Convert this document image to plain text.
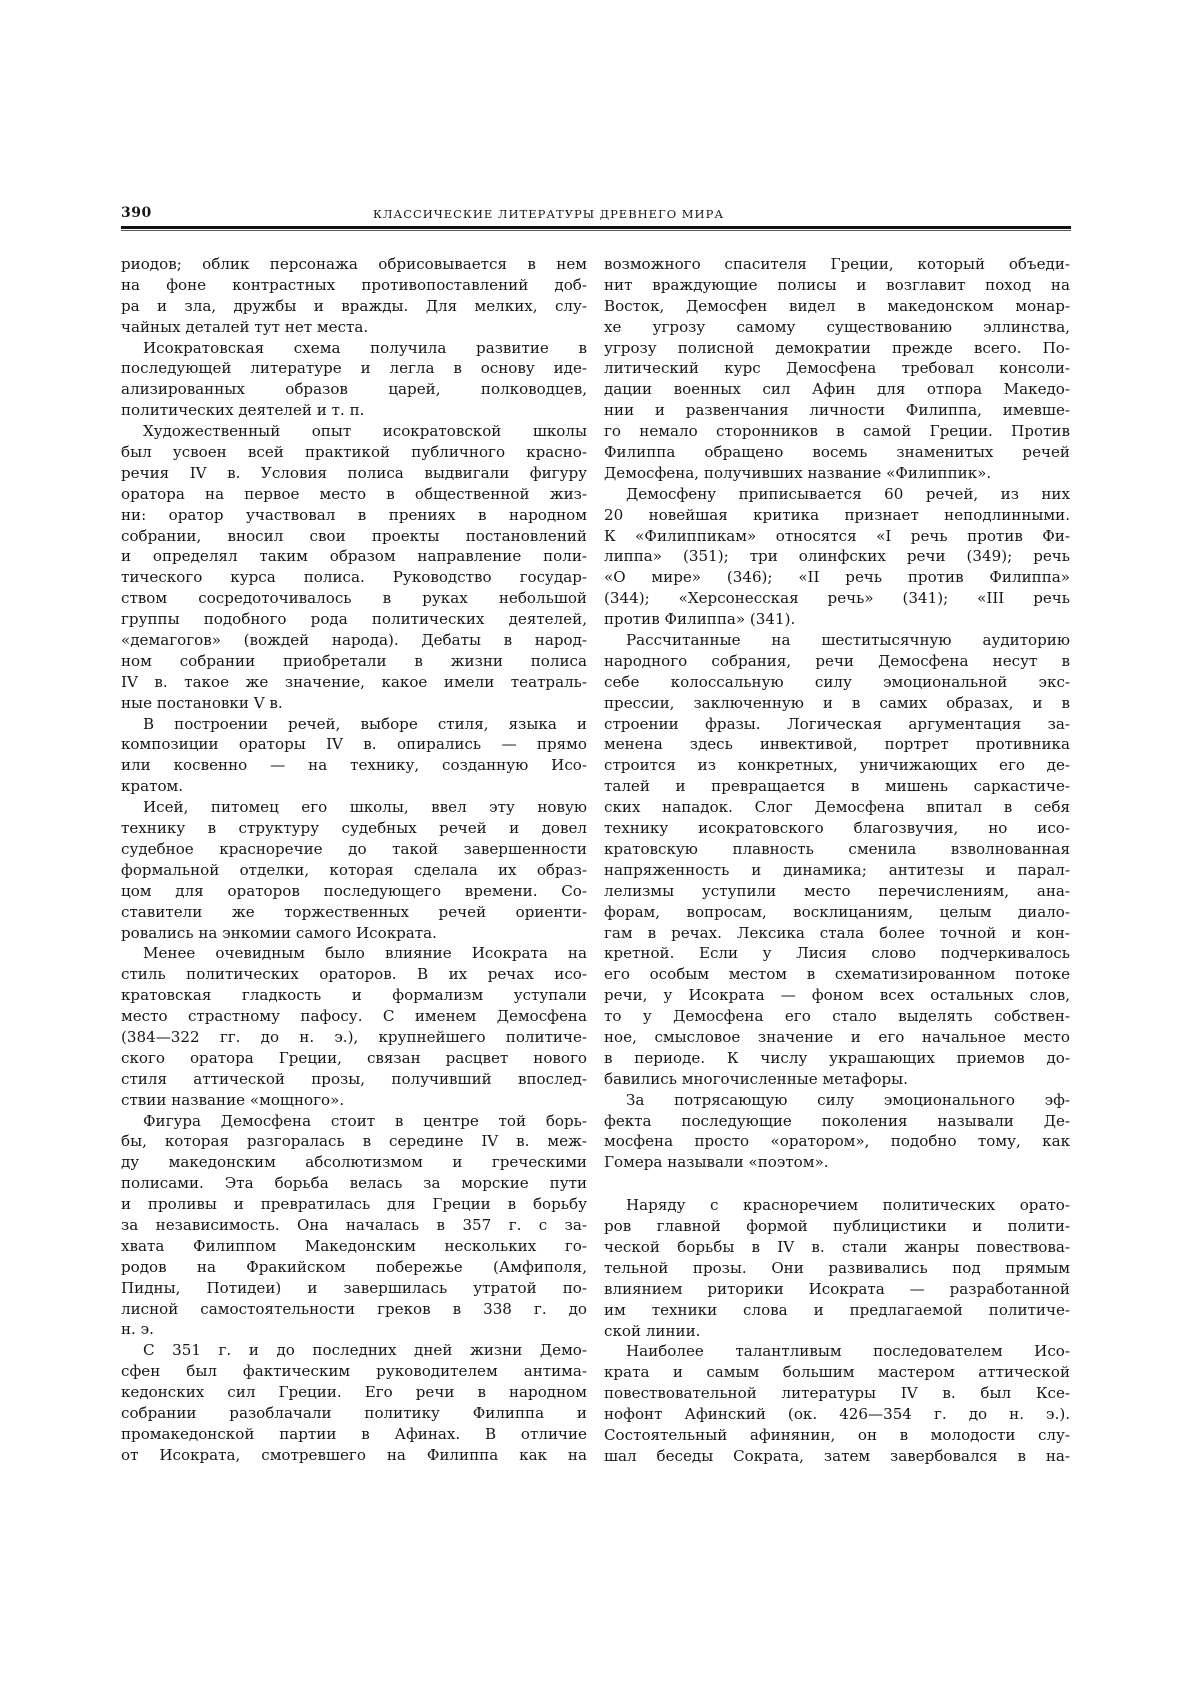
390	КЛАССИЧЕСКИЕ ЛИТЕРАТУРЫ ДРЕВНЕГО МИРА
риодов; облик персонажа обрисовывается в нем
на фоне контрастных противопоставлений доб-
ра и зла, дружбы и вражды. Для мелких, слу-
чайных деталей тут нет места.
Исократовская схема получила развитие в
последующей литературе и легла в основу иде-
ализированных образов царей, полководцев,
политических деятелей и т. п.
Художественный опыт исократовской школы
был усвоен всей практикой публичного красно-
речия IV в. Условия полиса выдвигали фигуру
оратора на первое место в общественной жиз-
ни: оратор участвовал в прениях в народном
собрании, вносил свои проекты постановлений
и определял таким образом направление поли-
тического курса полиса. Руководство государ-
ством сосредоточивалось в руках небольшой
группы подобного рода политических деятелей,
«демагогов» (вождей народа). Дебаты в народ-
ном собрании приобретали в жизни полиса
IV в. такое же значение, какое имели театраль-
ные постановки V в.
В построении речей, выборе стиля, языка и
композиции ораторы IV в. опирались — прямо
или косвенно — на технику, созданную Исо-
кратом.
Исей, питомец его школы, ввел эту новую
технику в структуру судебных речей и довел
судебное красноречие до такой завершенности
формальной отделки, которая сделала их образ-
цом для ораторов последующего времени. Со-
ставители же торжественных речей ориенти-
ровались на энкомии самого Исократа.
Менее очевидным было влияние Исократа на
стиль политических ораторов. В их речах исо-
кратовская гладкость и формализм уступали
место страстному пафосу. С именем Демосфена
(384—322 гг. до н. э.), крупнейшего политиче-
ского оратора Греции, связан расцвет нового
стиля аттической прозы, получивший впослед-
ствии название «мощного».
Фигура Демосфена стоит в центре той борь-
бы, которая разгоралась в середине IV в. меж-
ду македонским абсолютизмом и греческими
полисами. Эта борьба велась за морские пути
и проливы и превратилась для Греции в борьбу
за независимость. Она началась в 357 г. с за-
хвата Филиппом Македонским нескольких го-
родов на Фракийском побережье (Амфиполя,
Пидны, Потидеи) и завершилась утратой по-
лисной самостоятельности греков в 338 г. до
н. э.
С 351 г. и до последних дней жизни Демо-
сфен был фактическим руководителем антима-
кедонских сил Греции. Его речи в народном
собрании разоблачали политику Филиппа и
промакедонской партии в Афинах. В отличие
от Исократа, смотревшего на Филиппа как на
возможного спасителя Греции, который объеди-
нит враждующие полисы и возглавит поход на
Восток, Демосфен видел в македонском монар-
хе угрозу самому существованию эллинства,
угрозу полисной демократии прежде всего. По-
литический курс Демосфена требовал консоли-
дации военных сил Афин для отпора Македо-
нии и развенчания личности Филиппа, имевше-
го немало сторонников в самой Греции. Против
Филиппа обращено восемь знаменитых речей
Демосфена, получивших название «Филиппик».
Демосфену приписывается 60 речей, из них
20 новейшая критика признает неподлинными.
К «Филиппикам» относятся «I речь против Фи-
липпа» (351); три олинфских речи (349); речь
«О мире» (346); «II речь против Филиппа»
(344); «Херсонесская речь» (341); «III речь
против Филиппа» (341).
Рассчитанные на шеститысячную аудиторию
народного собрания, речи Демосфена несут в
себе колоссальную силу эмоциональной экс-
прессии, заключенную и в самих образах, и в
строении фразы. Логическая аргументация за-
менена здесь инвективой, портрет противника
строится из конкретных, уничижающих его де-
талей и превращается в мишень саркастиче-
ских нападок. Слог Демосфена впитал в себя
технику исократовского благозвучия, но исо-
кратовскую плавность сменила взволнованная
напряженность и динамика; антитезы и парал-
лелизмы уступили место перечислениям, ана-
форам, вопросам, восклицаниям, целым диало-
гам в речах. Лексика стала более точной и кон-
кретной. Если у Лисия слово подчеркивалось
его особым местом в схематизированном потоке
речи, у Исократа — фоном всех остальных слов,
то у Демосфена его стало выделять собствен-
ное, смысловое значение и его начальное место
в периоде. К числу украшающих приемов до-
бавились многочисленные метафоры.
За потрясающую силу эмоционального эф-
фекта последующие поколения называли Де-
мосфена просто «оратором», подобно тому, как
Гомера называли «поэтом».
Наряду с красноречием политических орато-
ров главной формой публицистики и полити-
ческой борьбы в IV в. стали жанры повествова-
тельной прозы. Они развивались под прямым
влиянием риторики Исократа — разработанной
им техники слова и предлагаемой политиче-
ской линии.
Наиболее талантливым последователем Исо-
крата и самым большим мастером аттической
повествовательной литературы IV в. был Ксе-
нофонт Афинский (ок. 426—354 г. до н. э.).
Состоятельный афинянин, он в молодости слу-
шал беседы Сократа, затем завербовался в на-
